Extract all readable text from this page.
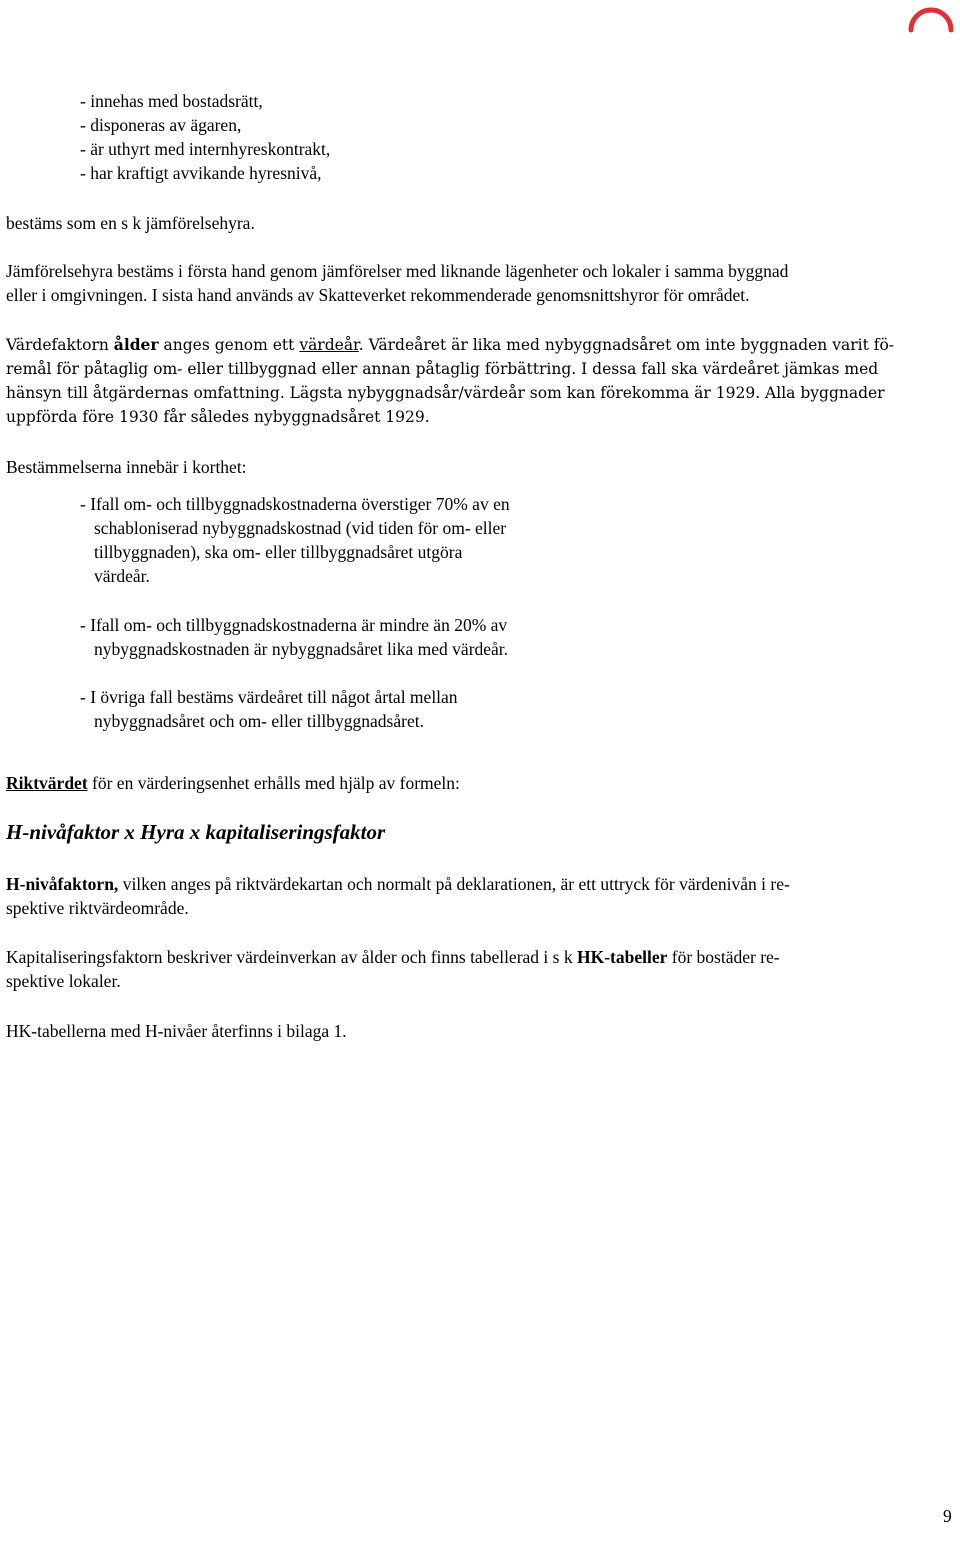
- innehas med bostadsrätt,
- disponeras av ägaren,
- är uthyrt med internhyreskontrakt,
- har kraftigt avvikande hyresnivå,

bestäms som en s k jämförelsehyra.

Jämförelsehyra bestäms i första hand genom jämförelser med liknande lägenheter och lokaler i samma byggnad

eller i omgivningen. I sista hand används av Skatteverket rekommenderade genomsnittshyror för området.

Värdefaktorn ålder anges genom ett värdeår. Värdeåret är lika med nybyggnadsåret om inte byggnaden varit fö-

remål för påtaglig om- eller tillbyggnad eller annan påtaglig förbättring. I dessa fall ska värdeåret jämkas med

hänsyn till åtgärdernas omfattning. Lägsta nybyggnadsår/värdeår som kan förekomma är 1929. Alla byggnader

uppförda före 1930 får således nybyggnadsåret 1929.

Bestämmelserna innebär i korthet:

- Ifall om- och tillbyggnadskostnaderna överstiger 70% av en
schabloniserad nybyggnadskostnad (vid tiden för om- eller
tillbyggnaden), ska om- eller tillbyggnadsåret utgöra
värdeår.
- Ifall om- och tillbyggnadskostnaderna är mindre än 20% av
nybyggnadskostnaden är nybyggnadsåret lika med värdeår.
- I övriga fall bestäms värdeåret till något årtal mellan
nybyggnadsåret och om- eller tillbyggnadsåret.

Riktvärdet för en värderingsenhet erhålls med hjälp av formeln:

H-nivåfaktor x Hyra x kapitaliseringsfaktor

H-nivåfaktorn, vilken anges på riktvärdekartan och normalt på deklarationen, är ett uttryck för värdenivån i re-

spektive riktvärdeområde.

Kapitaliseringsfaktorn beskriver värdeinverkan av ålder och finns tabellerad i s k HK-tabeller för bostäder re-

spektive lokaler.

HK-tabellerna med H-nivåer återfinns i bilaga 1.

9
